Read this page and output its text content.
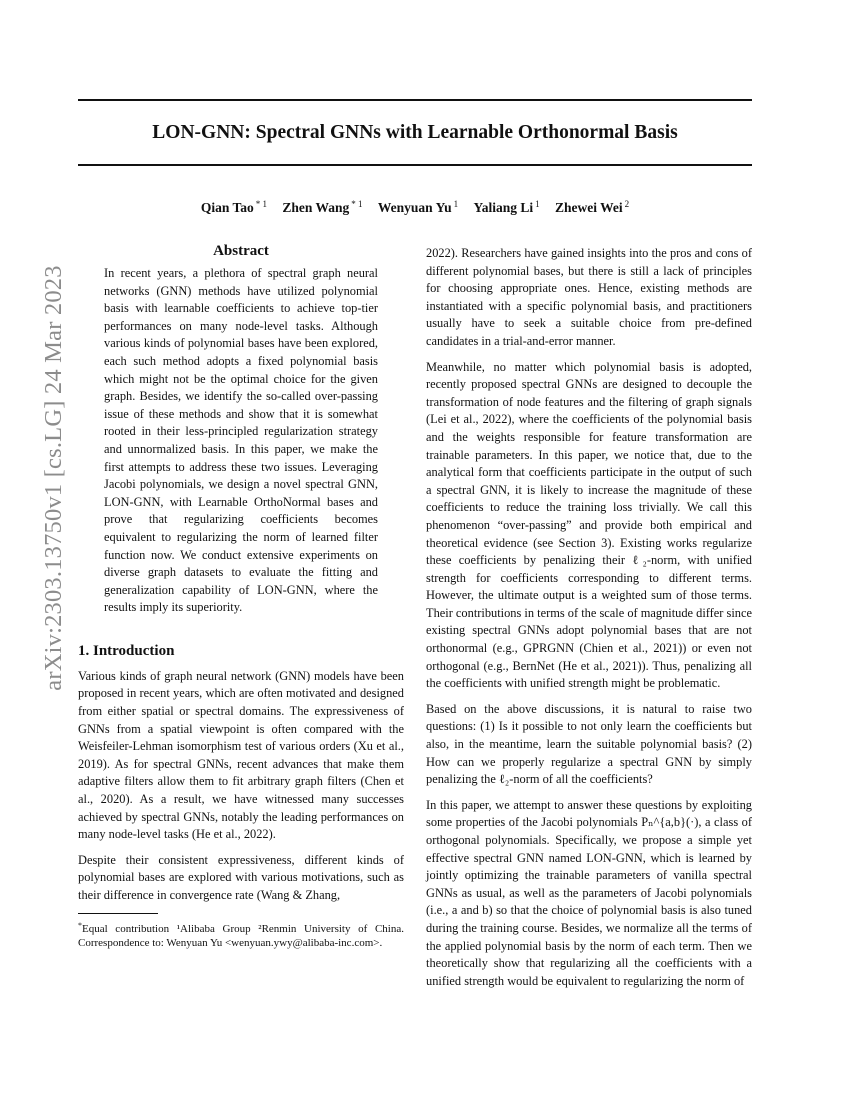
LON-GNN: Spectral GNNs with Learnable Orthonormal Basis
Qian Tao $^{* 1}$ Zhen Wang $^{* 1}$ Wenyuan Yu $^1$ Yaliang Li $^1$ Zhewei Wei $^2$
arXiv:2303.13750v1 [cs.LG] 24 Mar 2023
Abstract

In recent years, a plethora of spectral graph neural networks (GNN) methods have utilized polynomial basis with learnable coefficients to achieve top-tier performances on many node-level tasks. Although various kinds of polynomial bases have been explored, each such method adopts a fixed polynomial basis which might not be the optimal choice for the given graph. Besides, we identify the so-called over-passing issue of these methods and show that it is somewhat rooted in their less-principled regularization strategy and unnormalized basis. In this paper, we make the first attempts to address these two issues. Leveraging Jacobi polynomials, we design a novel spectral GNN, LON-GNN, with Learnable OrthoNormal bases and prove that regularizing coefficients becomes equivalent to regularizing the norm of learned filter function now. We conduct extensive experiments on diverse graph datasets to evaluate the fitting and generalization capability of LON-GNN, where the results imply its superiority.

1. Introduction

Various kinds of graph neural network (GNN) models have been proposed in recent years, which are often motivated and designed from either spatial or spectral domains. The expressiveness of GNNs from a spatial viewpoint is often compared with the Weisfeiler-Lehman isomorphism test of various orders (Xu et al., 2019). As for spectral GNNs, recent advances that make them adaptive filters allow them to fit arbitrary graph filters (Chen et al., 2020). As a result, we have witnessed many successes achieved by spectral GNNs, notably the leading performances on many node-level tasks (He et al., 2022).

Despite their consistent expressiveness, different kinds of polynomial bases are explored with various motivations, such as their difference in convergence rate (Wang & Zhang,

*Equal contribution ¹Alibaba Group ²Renmin University of China. Correspondence to: Wenyuan Yu <wenyuan.ywy@alibaba-inc.com>.

2022). Researchers have gained insights into the pros and cons of different polynomial bases, but there is still a lack of principles for choosing appropriate ones. Hence, existing methods are instantiated with a specific polynomial basis, and practitioners usually have to seek a suitable choice from pre-defined candidates in a trial-and-error manner.

Meanwhile, no matter which polynomial basis is adopted, recently proposed spectral GNNs are designed to decouple the transformation of node features and the filtering of graph signals (Lei et al., 2022), where the coefficients of the polynomial basis and the weights responsible for feature transformation are trainable parameters. In this paper, we notice that, due to the analytical form that coefficients participate in the output of such a spectral GNN, it is likely to increase the magnitude of these coefficients to reduce the training loss trivially. We call this phenomenon “over-passing” and provide both empirical and theoretical evidence (see Section 3). Existing works regularize these coefficients by penalizing their ℓ₂-norm, with unified strength for coefficients corresponding to different terms. However, the ultimate output is a weighted sum of those terms. Their contributions in terms of the scale of magnitude differ since existing spectral GNNs adopt polynomial bases that are not orthonormal (e.g., GPRGNN (Chien et al., 2021)) or even not orthogonal (e.g., BernNet (He et al., 2021)). Thus, penalizing all the coefficients with unified strength might be problematic.

Based on the above discussions, it is natural to raise two questions: (1) Is it possible to not only learn the coefficients but also, in the meantime, learn the suitable polynomial basis? (2) How can we properly regularize a spectral GNN by simply penalizing the ℓ₂-norm of all the coefficients?

In this paper, we attempt to answer these questions by exploiting some properties of the Jacobi polynomials Pₙ^{a,b}(·), a class of orthogonal polynomials. Specifically, we propose a simple yet effective spectral GNN named LON-GNN, which is learned by jointly optimizing the trainable parameters of vanilla spectral GNNs as usual, as well as the parameters of Jacobi polynomials (i.e., a and b) so that the choice of polynomial basis is also tuned during the training course. Besides, we normalize all the terms of the applied polynomial basis by the norm of each term. Then we theoretically show that regularizing all the coefficients with a unified strength would be equivalent to regularizing the norm of
